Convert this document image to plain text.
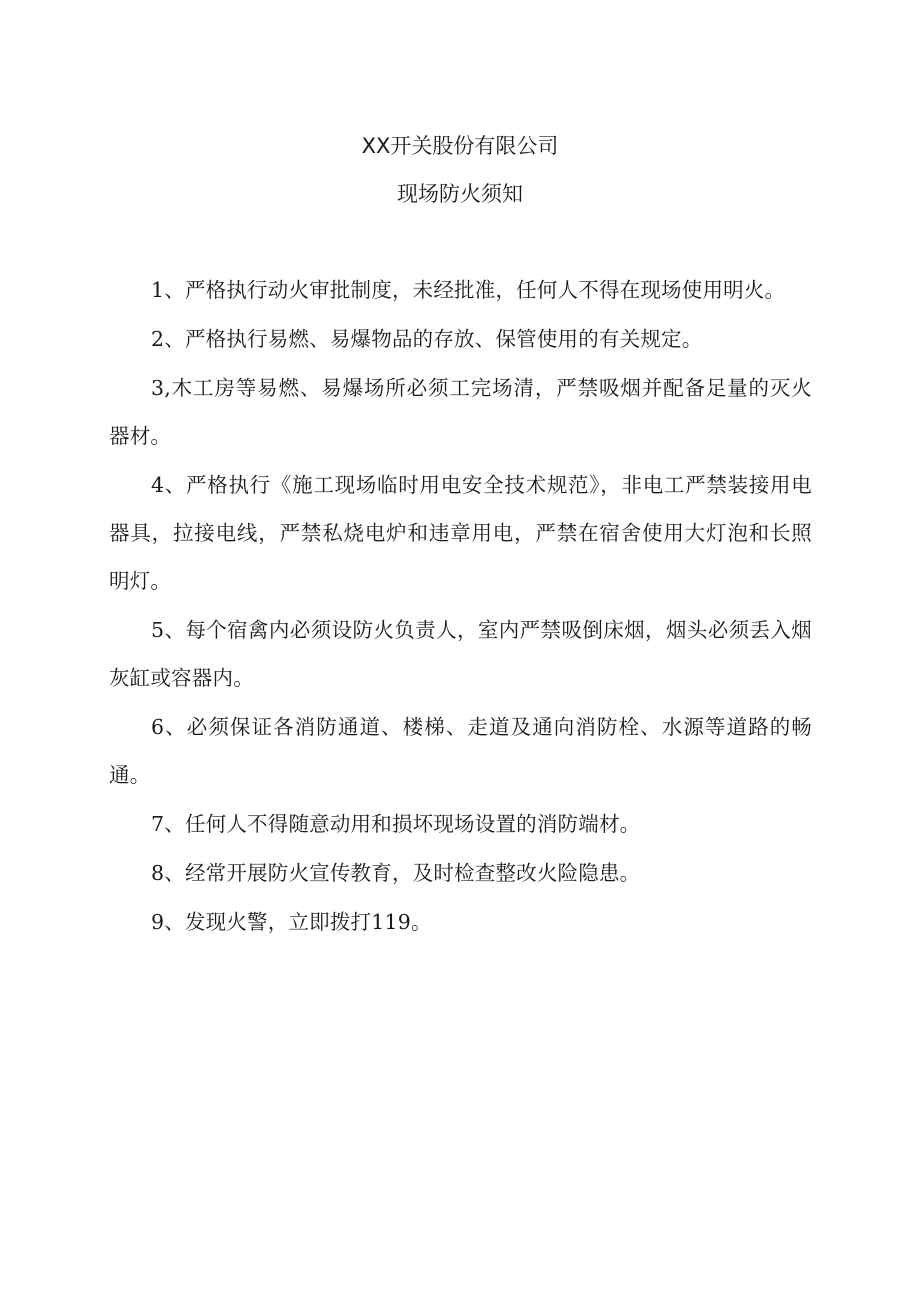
XX开关股份有限公司
现场防火须知
1、严格执行动火审批制度，未经批准，任何人不得在现场使用明火。
2、严格执行易燃、易爆物品的存放、保管使用的有关规定。
3,木工房等易燃、易爆场所必须工完场清，严禁吸烟并配备足量的灭火器材。
4、严格执行《施工现场临时用电安全技术规范》，非电工严禁装接用电器具，拉接电线，严禁私烧电炉和违章用电，严禁在宿舍使用大灯泡和长照明灯。
5、每个宿禽内必须设防火负责人，室内严禁吸倒床烟，烟头必须丢入烟灰缸或容器内。
6、必须保证各消防通道、楼梯、走道及通向消防栓、水源等道路的畅通。
7、任何人不得随意动用和损坏现场设置的消防端材。
8、经常开展防火宣传教育，及时检查整改火险隐患。
9、发现火警，立即拨打119。
